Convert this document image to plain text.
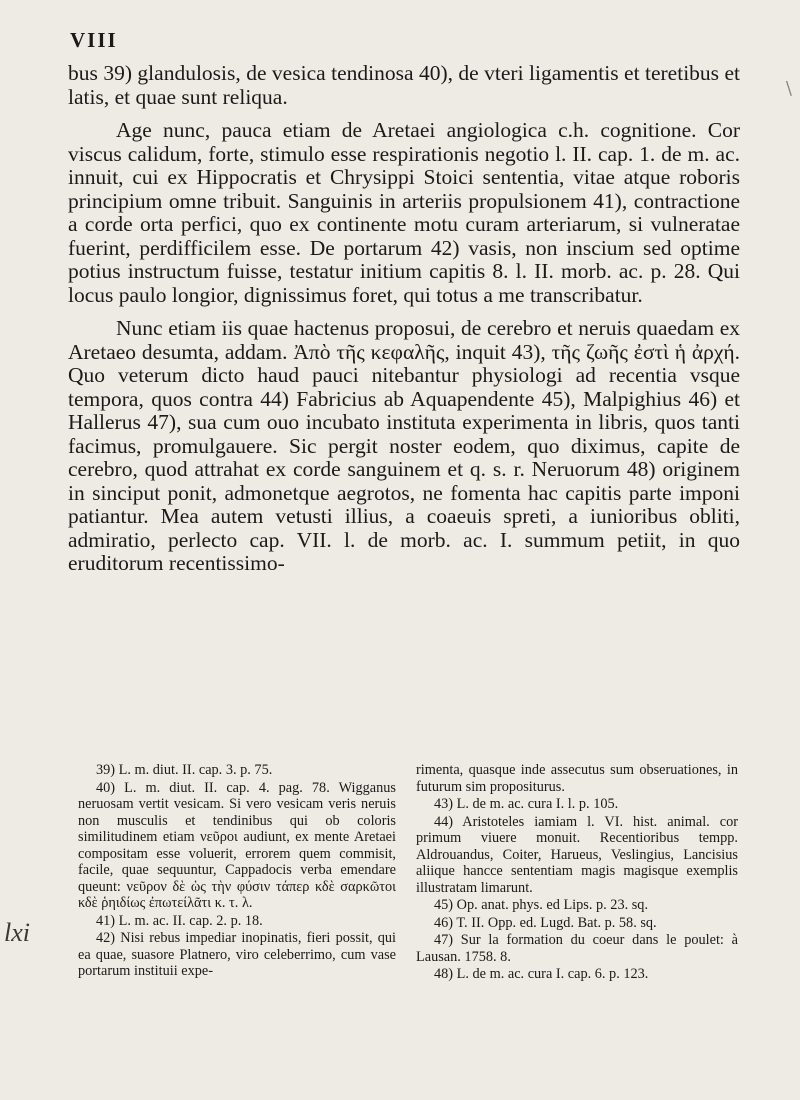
VIII
\

bus 39) glandulosis, de vesica tendinosa 40), de vteri ligamentis et teretibus et latis, et quae sunt reliqua.

Age nunc, pauca etiam de Aretaei angiologica c.h. cognitione. Cor viscus calidum, forte, stimulo esse respirationis negotio l. II. cap. 1. de m. ac. innuit, cui ex Hippocratis et Chrysippi Stoici sententia, vitae atque roboris principium omne tribuit. Sanguinis in arteriis propulsionem 41), contractione a corde orta perfici, quo ex continente motu curam arteriarum, si vulneratae fuerint, perdifficilem esse. De portarum 42) vasis, non inscium sed optime potius instructum fuisse, testatur initium capitis 8. l. II. morb. ac. p. 28. Qui locus paulo longior, dignissimus foret, qui totus a me transcribatur.

Nunc etiam iis quae hactenus proposui, de cerebro et neruis quaedam ex Aretaeo desumta, addam. Ἀπὸ τῆς κεφαλῆς, inquit 43), τῆς ζωῆς ἐστὶ ἡ ἀρχή. Quo veterum dicto haud pauci nitebantur physiologi ad recentia vsque tempora, quos contra 44) Fabricius ab Aquapendente 45), Malpighius 46) et Hallerus 47), sua cum ouo incubato instituta experimenta in libris, quos tanti facimus, promulgauere. Sic pergit noster eodem, quo diximus, capite de cerebro, quod attrahat ex corde sanguinem et q. s. r. Neruorum 48) originem in sinciput ponit, admonetque aegrotos, ne fomenta hac capitis parte imponi patiantur. Mea autem vetusti illius, a coaeuis spreti, a iunioribus obliti, admiratio, perlecto cap. VII. l. de morb. ac. I. summum petiit, in quo eruditorum recentissimo-

39) L. m. diut. II. cap. 3. p. 75.

40) L. m. diut. II. cap. 4. pag. 78. Wigganus neruosam vertit vesicam. Si vero vesicam veris neruis non musculis et tendinibus qui ob coloris similitudinem etiam νεῦροι audiunt, ex mente Aretaei compositam esse voluerit, errorem quem commisit, facile, quae sequuntur, Cappadocis verba emendare queunt: νεῦρον δὲ ὡς τὴν φύσιν τάπερ κδὲ σαρκῶτοι κδὲ ῥηιδίως ἐπωτείλᾶτι κ. τ. λ.

41) L. m. ac. II. cap. 2. p. 18.

42) Nisi rebus impediar inopinatis, fieri possit, qui ea quae, suasore Platnero, viro celeberrimo, cum vase portarum instituii expe-

rimenta, quasque inde assecutus sum obseruationes, in futurum sim propositurus.

43) L. de m. ac. cura I. l. p. 105.

44) Aristoteles iamiam l. VI. hist. animal. cor primum viuere monuit. Recentioribus tempp. Aldrouandus, Coiter, Harueus, Veslingius, Lancisius aliique hancce sententiam magis magisque exemplis illustratam limarunt.

45) Op. anat. phys. ed Lips. p. 23. sq.

46) T. II. Opp. ed. Lugd. Bat. p. 58. sq.

47) Sur la formation du coeur dans le poulet: à Lausan. 1758. 8.

48) L. de m. ac. cura I. cap. 6. p. 123.

lxi
